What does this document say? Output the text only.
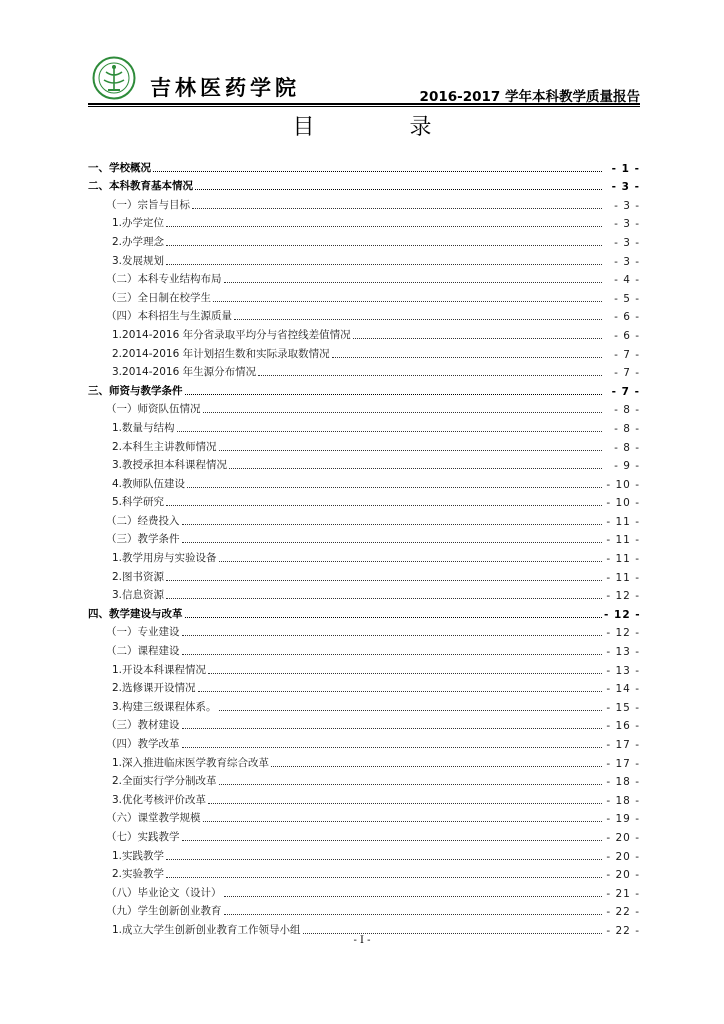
吉林医药学院	2016-2017 学年本科教学质量报告
目 录
一、学校概况	- 1 -
二、本科教育基本情况	- 3 -
（一）宗旨与目标	- 3 -
1.办学定位	- 3 -
2.办学理念	- 3 -
3.发展规划	- 3 -
（二）本科专业结构布局	- 4 -
（三）全日制在校学生	- 5 -
（四）本科招生与生源质量	- 6 -
1.2014-2016 年分省录取平均分与省控线差值情况	- 6 -
2.2014-2016 年计划招生数和实际录取数情况	- 7 -
3.2014-2016 年生源分布情况	- 7 -
三、师资与教学条件	- 7 -
（一）师资队伍情况	- 8 -
1.数量与结构	- 8 -
2.本科生主讲教师情况	- 8 -
3.教授承担本科课程情况	- 9 -
4.教师队伍建设	- 10 -
5.科学研究	- 10 -
（二）经费投入	- 11 -
（三）教学条件	- 11 -
1.教学用房与实验设备	- 11 -
2.图书资源	- 11 -
3.信息资源	- 12 -
四、教学建设与改革	- 12 -
（一）专业建设	- 12 -
（二）课程建设	- 13 -
1.开设本科课程情况	- 13 -
2.选修课开设情况	- 14 -
3.构建三级课程体系。	- 15 -
（三）教材建设	- 16 -
（四）教学改革	- 17 -
1.深入推进临床医学教育综合改革	- 17 -
2.全面实行学分制改革	- 18 -
3.优化考核评价改革	- 18 -
（六）课堂教学规模	- 19 -
（七）实践教学	- 20 -
1.实践教学	- 20 -
2.实验教学	- 20 -
（八）毕业论文（设计）	- 21 -
（九）学生创新创业教育	- 22 -
1.成立大学生创新创业教育工作领导小组	- 22 -
- I -
